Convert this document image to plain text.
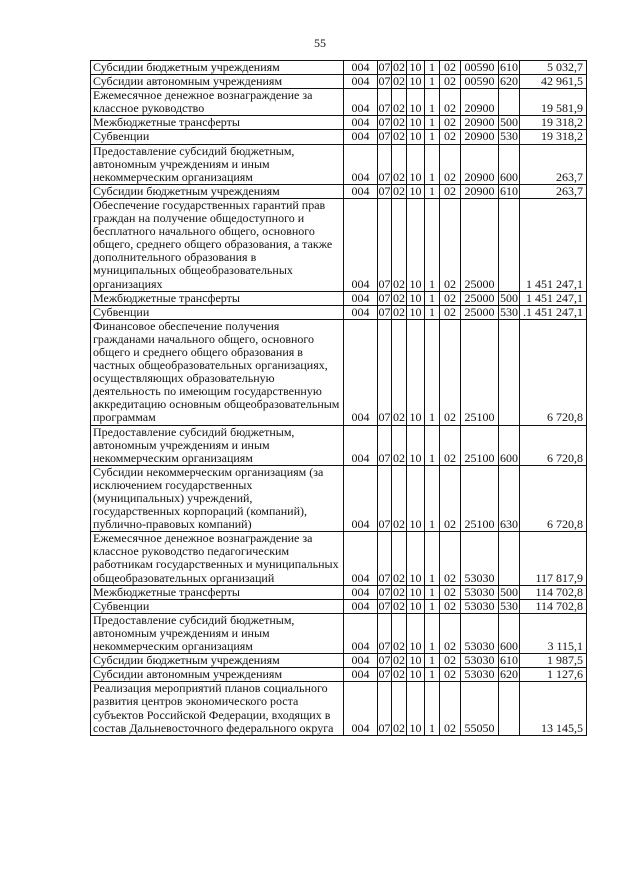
55
Субсидии бюджетным учреждениям	004	07	02	10	1	02	00590	610	5 032,7
Субсидии автономным учреждениям	004	07	02	10	1	02	00590	620	42 961,5
Ежемесячное денежное вознаграждение за классное руководство	004	07	02	10	1	02	20900		19 581,9
Межбюджетные трансферты	004	07	02	10	1	02	20900	500	19 318,2
Субвенции	004	07	02	10	1	02	20900	530	19 318,2
Предоставление субсидий бюджетным, автономным учреждениям и иным некоммерческим организациям	004	07	02	10	1	02	20900	600	263,7
Субсидии бюджетным учреждениям	004	07	02	10	1	02	20900	610	263,7
Обеспечение государственных гарантий прав граждан на получение общедоступного и бесплатного начального общего, основного общего, среднего общего образования, а также дополнительного образования в муниципальных общеобразовательных организациях	004	07	02	10	1	02	25000		1 451 247,1
Межбюджетные трансферты	004	07	02	10	1	02	25000	500	1 451 247,1
Субвенции	004	07	02	10	1	02	25000	530	.1 451 247,1
Финансовое обеспечение получения гражданами начального общего, основного общего и среднего общего образования в частных общеобразовательных организациях, осуществляющих образовательную деятельность по имеющим государственную аккредитацию основным общеобразовательным программам	004	07	02	10	1	02	25100		6 720,8
Предоставление субсидий бюджетным, автономным учреждениям и иным некоммерческим организациям	004	07	02	10	1	02	25100	600	6 720,8
Субсидии некоммерческим организациям (за исключением государственных (муниципальных) учреждений, государственных корпораций (компаний), публично-правовых компаний)	004	07	02	10	1	02	25100	630	6 720,8
Ежемесячное денежное вознаграждение за классное руководство педагогическим работникам государственных и муниципальных общеобразовательных организаций	004	07	02	10	1	02	53030		117 817,9
Межбюджетные трансферты	004	07	02	10	1	02	53030	500	114 702,8
Субвенции	004	07	02	10	1	02	53030	530	114 702,8
Предоставление субсидий бюджетным, автономным учреждениям и иным некоммерческим организациям	004	07	02	10	1	02	53030	600	3 115,1
Субсидии бюджетным учреждениям	004	07	02	10	1	02	53030	610	1 987,5
Субсидии автономным учреждениям	004	07	02	10	1	02	53030	620	1 127,6
Реализация мероприятий планов социального развития центров экономического роста субъектов Российской Федерации, входящих в состав Дальневосточного федерального округа	004	07	02	10	1	02	55050		13 145,5
